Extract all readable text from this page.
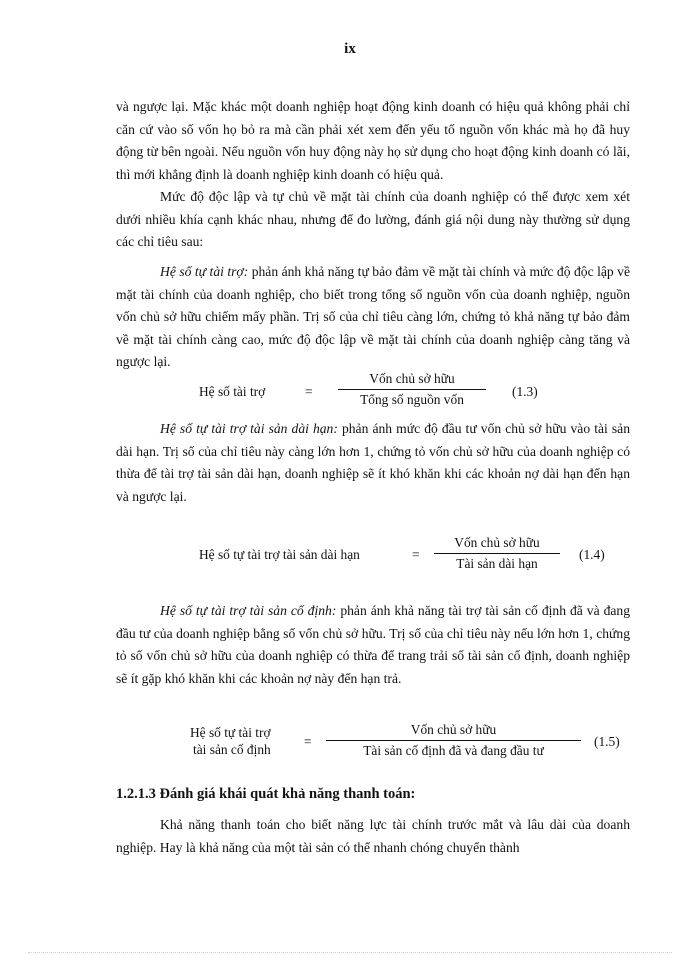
ix

và ngược lại. Mặc khác một doanh nghiệp hoạt động kinh doanh có hiệu quả không phải chỉ căn cứ vào số vốn họ bỏ ra mà cần phải xét xem đến yếu tố nguồn vốn khác mà họ đã huy động từ bên ngoài. Nếu nguồn vốn huy động này họ sử dụng cho hoạt động kinh doanh có lãi, thì mới khẳng định là doanh nghiệp kinh doanh có hiệu quả.

Mức độ độc lập và tự chủ về mặt tài chính của doanh nghiệp có thể được xem xét dưới nhiều khía cạnh khác nhau, nhưng để đo lường, đánh giá nội dung này thường sử dụng các chỉ tiêu sau:

Hệ số tự tài trợ: phản ánh khả năng tự bảo đảm về mặt tài chính và mức độ độc lập về mặt tài chính của doanh nghiệp, cho biết trong tổng số nguồn vốn của doanh nghiệp, nguồn vốn chủ sở hữu chiếm mấy phần. Trị số của chỉ tiêu càng lớn, chứng tỏ khả năng tự bảo đảm về mặt tài chính càng cao, mức độ độc lập về mặt tài chính của doanh nghiệp càng tăng và ngược lại.

Hệ số tài trợ	=
Vốn chủ sở hữu
Tổng số nguồn vốn
(1.3)

Hệ số tự tài trợ tài sản dài hạn: phản ánh mức độ đầu tư vốn chủ sở hữu vào tài sản dài hạn. Trị số của chỉ tiêu này càng lớn hơn 1, chứng tỏ vốn chủ sở hữu của doanh nghiệp có thừa để tài trợ tài sản dài hạn, doanh nghiệp sẽ ít khó khăn khi các khoản nợ dài hạn đến hạn và ngược lại.

Hệ số tự tài trợ tài sản dài hạn	=
Vốn chủ sở hữu
Tài sản dài hạn
(1.4)

Hệ số tự tài trợ tài sản cố định: phản ánh khả năng tài trợ tài sản cố định đã và đang đầu tư của doanh nghiệp bằng số vốn chủ sở hữu. Trị số của chỉ tiêu này nếu lớn hơn 1, chứng tỏ số vốn chủ sở hữu của doanh nghiệp có thừa để trang trải số tài sản cố định, doanh nghiệp sẽ ít gặp khó khăn khi các khoản nợ này đến hạn trả.

Hệ số tự tài trợ
tài sản cố định
=
Vốn chủ sở hữu
Tài sản cố định đã và đang đầu tư
(1.5)
1.2.1.3 Đánh giá khái quát khả năng thanh toán:

Khả năng thanh toán cho biết năng lực tài chính trước mắt và lâu dài của doanh nghiệp. Hay là khả năng của một tài sản có thể nhanh chóng chuyển thành
